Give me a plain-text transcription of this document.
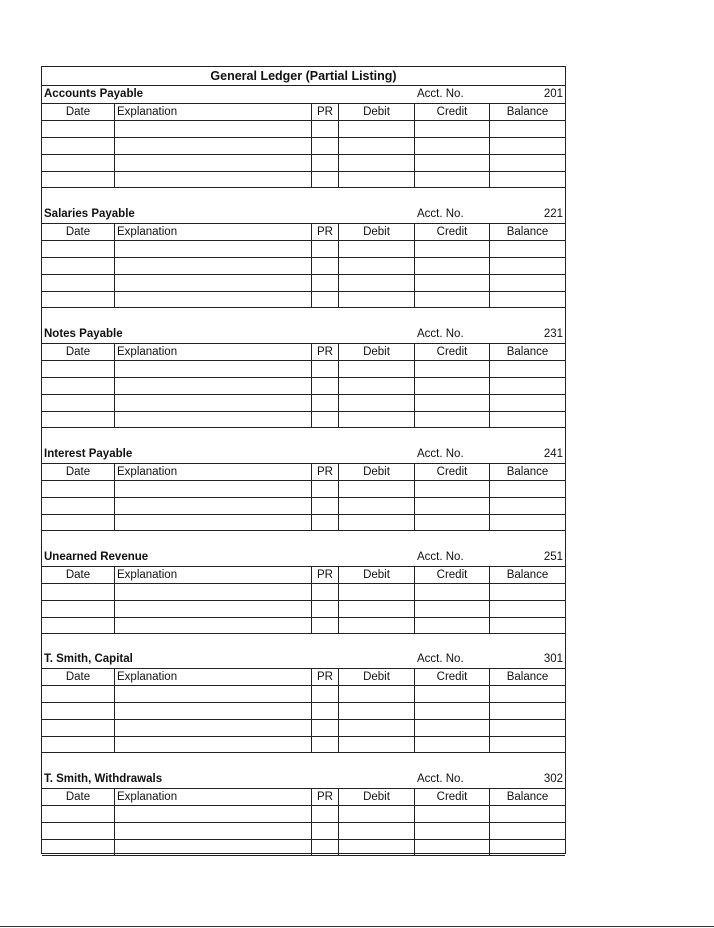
General Ledger (Partial Listing)
Accounts Payable	Acct. No.	201
Date	Explanation	PR	Debit	Credit	Balance
Salaries Payable	Acct. No.	221
Date	Explanation	PR	Debit	Credit	Balance
Notes Payable	Acct. No.	231
Date	Explanation	PR	Debit	Credit	Balance
Interest Payable	Acct. No.	241
Date	Explanation	PR	Debit	Credit	Balance
Unearned Revenue	Acct. No.	251
Date	Explanation	PR	Debit	Credit	Balance
T. Smith, Capital	Acct. No.	301
Date	Explanation	PR	Debit	Credit	Balance
T. Smith, Withdrawals	Acct. No.	302
Date	Explanation	PR	Debit	Credit	Balance
